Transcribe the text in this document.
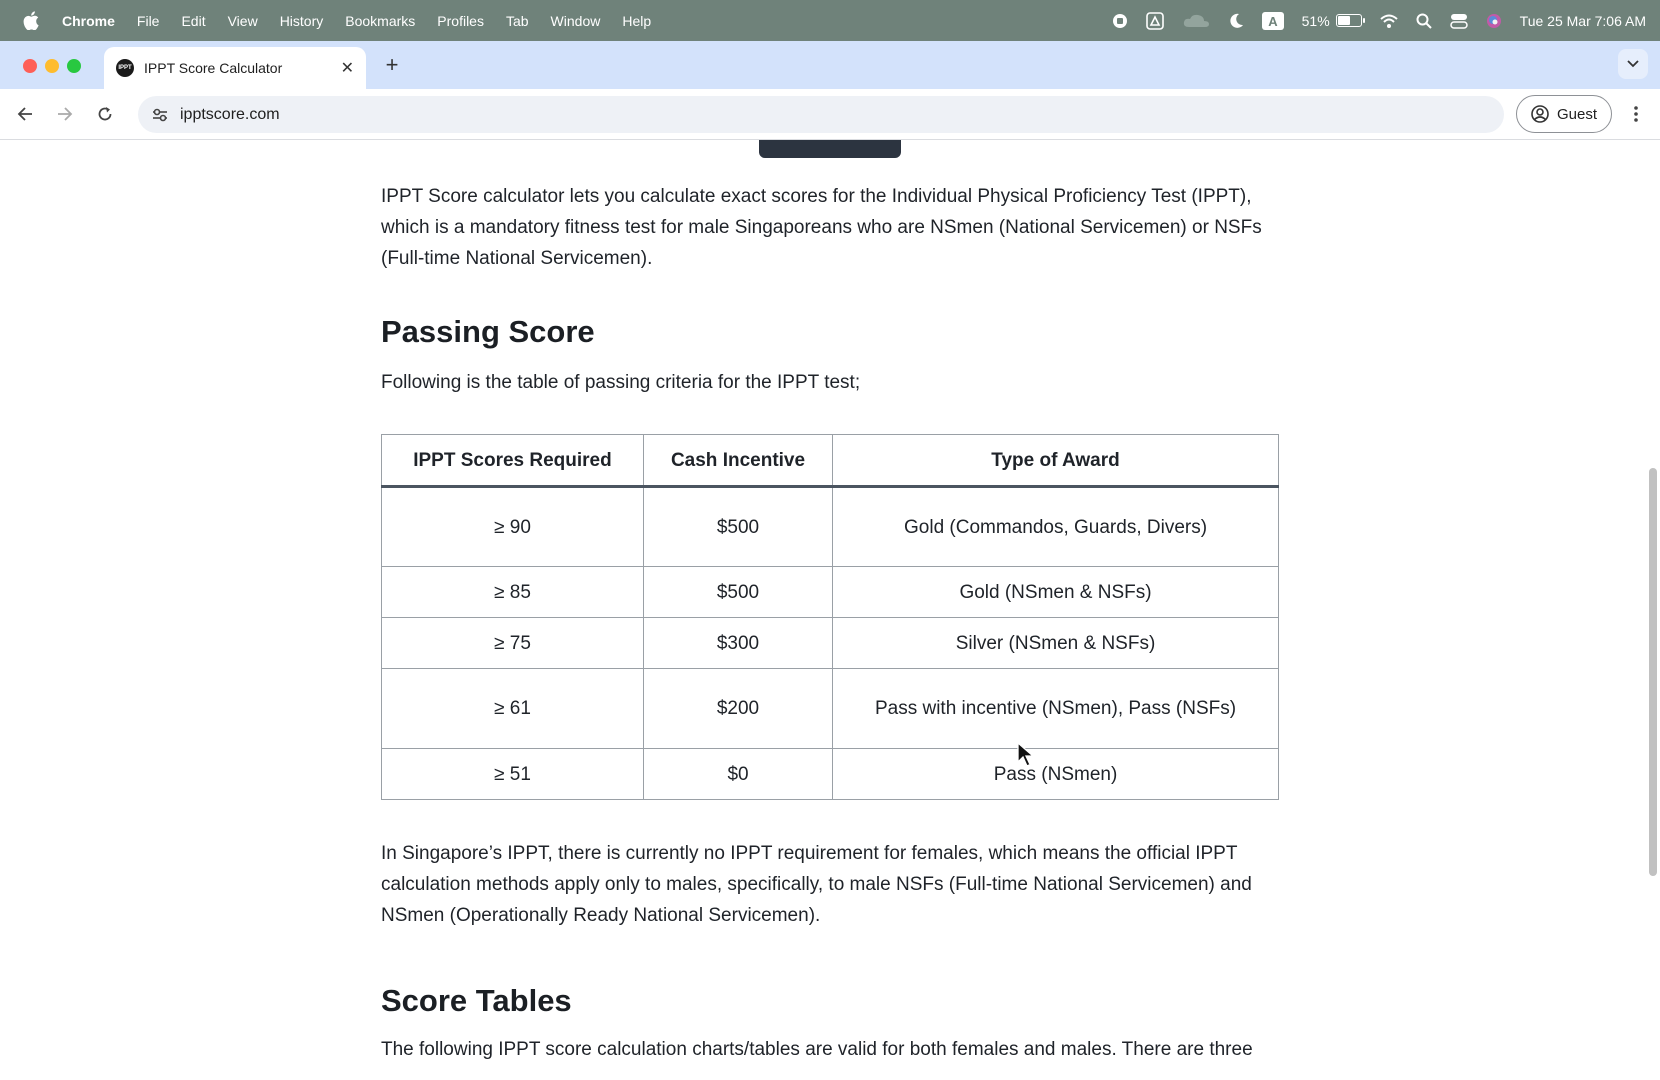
Chrome File Edit View History Bookmarks Profiles Tab Window Help	A 51%	Tue 25 Mar 7:06 AM
IPPT IPPT Score Calculator	✕	+
ipptscore.com	Guest

IPPT Score calculator lets you calculate exact scores for the Individual Physical Proficiency Test (IPPT), which is a mandatory fitness test for male Singaporeans who are NSmen (National Servicemen) or NSFs (Full-time National Servicemen).

Passing Score

Following is the table of passing criteria for the IPPT test;

IPPT Scores Required	Cash Incentive	Type of Award
≥ 90	$500	Gold (Commandos, Guards, Divers)
≥ 85	$500	Gold (NSmen & NSFs)
≥ 75	$300	Silver (NSmen & NSFs)
≥ 61	$200	Pass with incentive (NSmen), Pass (NSFs)
≥ 51	$0	Pass (NSmen)

In Singapore’s IPPT, there is currently no IPPT requirement for females, which means the official IPPT calculation methods apply only to males, specifically, to male NSFs (Full-time National Servicemen) and NSmen (Operationally Ready National Servicemen).

Score Tables

The following IPPT score calculation charts/tables are valid for both females and males. There are three
